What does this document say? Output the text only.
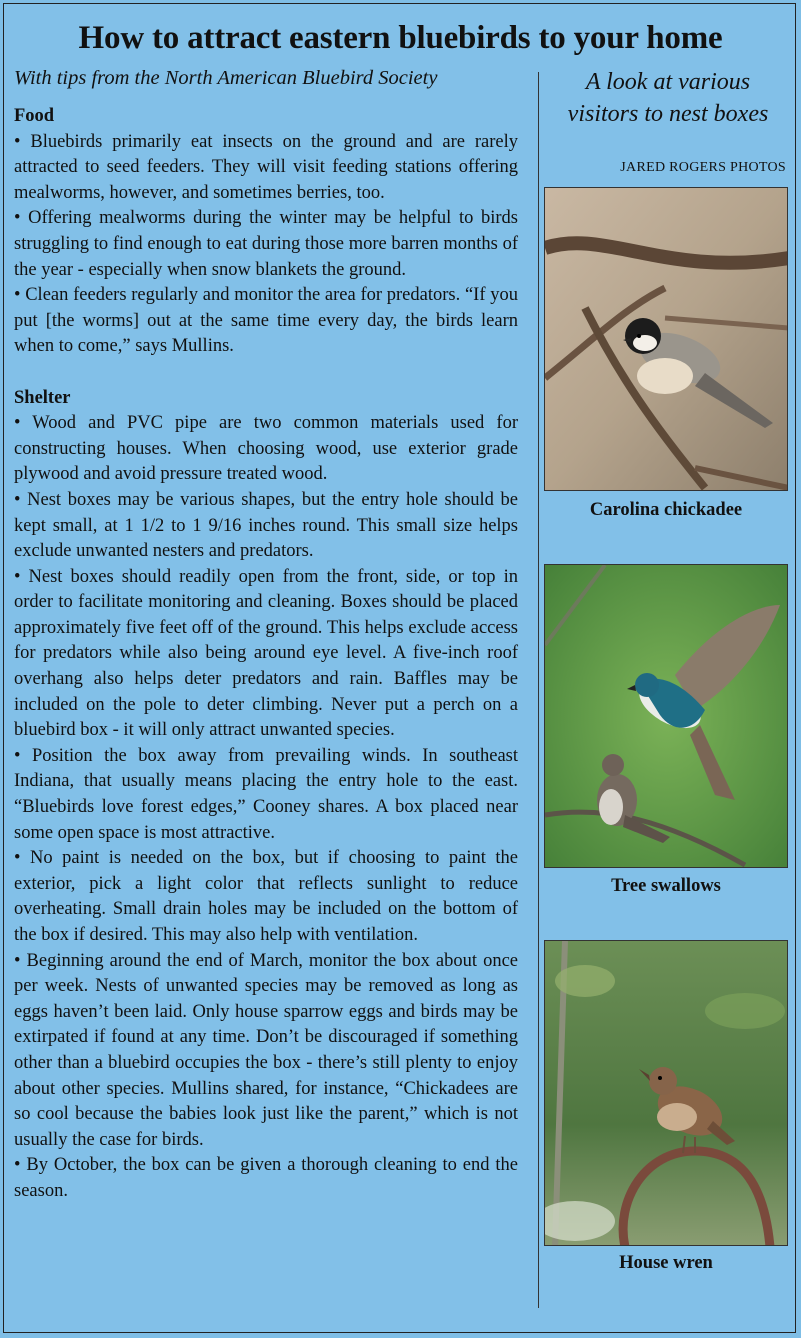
How to attract eastern bluebirds to your home
With tips from the North American Bluebird Society
Food

• Bluebirds primarily eat insects on the ground and are rarely attracted to seed feeders. They will visit feeding stations offering mealworms, however, and sometimes berries, too.

• Offering mealworms during the winter may be helpful to birds struggling to find enough to eat during those more barren months of the year - especially when snow blankets the ground.

• Clean feeders regularly and monitor the area for predators. “If you put [the worms] out at the same time every day, the birds learn when to come,” says Mullins.

Shelter

• Wood and PVC pipe are two common materials used for constructing houses. When choosing wood, use exterior grade plywood and avoid pressure treated wood.

• Nest boxes may be various shapes, but the entry hole should be kept small, at 1 1/2 to 1 9/16 inches round. This small size helps exclude unwanted nesters and predators.

• Nest boxes should readily open from the front, side, or top in order to facilitate monitoring and cleaning. Boxes should be placed approximately five feet off of the ground. This helps exclude access for predators while also being around eye level. A five-inch roof overhang also helps deter predators and rain. Baffles may be included on the pole to deter climbing. Never put a perch on a bluebird box - it will only attract unwanted species.

• Position the box away from prevailing winds. In southeast Indiana, that usually means placing the entry hole to the east. “Bluebirds love forest edges,” Cooney shares. A box placed near some open space is most attractive.

• No paint is needed on the box, but if choosing to paint the exterior, pick a light color that reflects sunlight to reduce overheating. Small drain holes may be included on the bottom of the box if desired. This may also help with ventilation.

• Beginning around the end of March, monitor the box about once per week. Nests of unwanted species may be removed as long as eggs haven’t been laid. Only house sparrow eggs and birds may be extirpated if found at any time. Don’t be discouraged if something other than a bluebird occupies the box - there’s still plenty to enjoy about other species. Mullins shared, for instance, “Chickadees are so cool because the babies look just like the parent,” which is not usually the case for birds.

• By October, the box can be given a thorough cleaning to end the season.

A look at various visitors to nest boxes
JARED ROGERS PHOTOS
Carolina chickadee
Tree swallows
House wren
